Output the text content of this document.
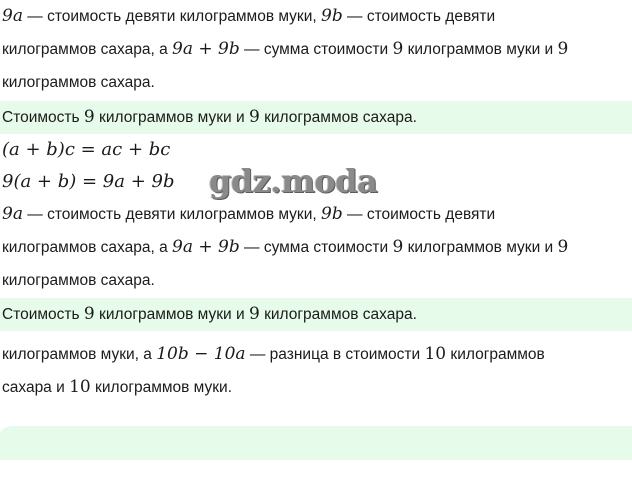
9a — стоимость девяти килограммов муки, 9b — стоимость девяти
килограммов сахара, а 9a + 9b — сумма стоимости 9 килограммов муки и 9
килограммов сахара.
Стоимость 9 килограммов муки и 9 килограммов сахара.
(a + b)c = ac + bc
9(a + b) = 9a + 9b gdz.moda
9a — стоимость девяти килограммов муки, 9b — стоимость девяти
килограммов сахара, а 9a + 9b — сумма стоимости 9 килограммов муки и 9
килограммов сахара.
Стоимость 9 килограммов муки и 9 килограммов сахара.
килограммов муки, а 10b − 10a — разница в стоимости 10 килограммов
сахара и 10 килограммов муки.
